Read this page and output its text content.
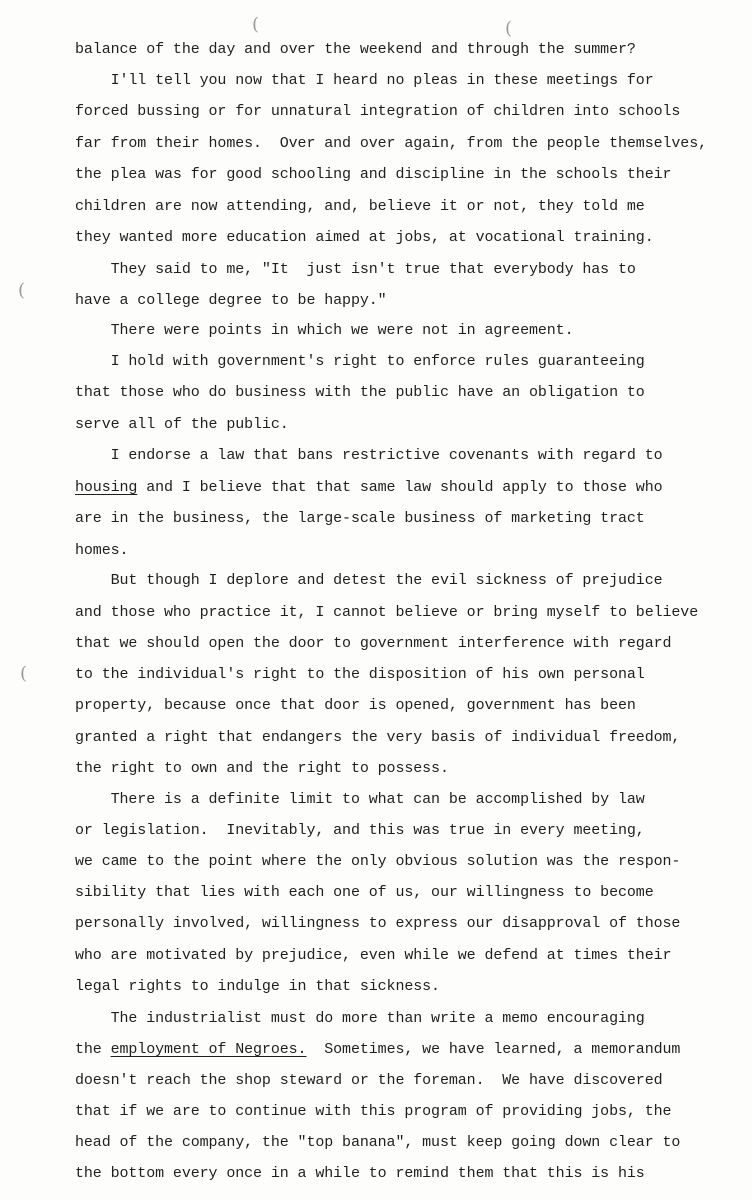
(	(
(
(
balance of the day and over the weekend and through the summer?
I'll tell you now that I heard no pleas in these meetings for
forced bussing or for unnatural integration of children into schools
far from their homes.  Over and over again, from the people themselves,
the plea was for good schooling and discipline in the schools their
children are now attending, and, believe it or not, they told me
they wanted more education aimed at jobs, at vocational training.
They said to me, "It  just isn't true that everybody has to
have a college degree to be happy."
There were points in which we were not in agreement.
I hold with government's right to enforce rules guaranteeing
that those who do business with the public have an obligation to
serve all of the public.
I endorse a law that bans restrictive covenants with regard to
housing and I believe that that same law should apply to those who
are in the business, the large-scale business of marketing tract
homes.
But though I deplore and detest the evil sickness of prejudice
and those who practice it, I cannot believe or bring myself to believe
that we should open the door to government interference with regard
to the individual's right to the disposition of his own personal
property, because once that door is opened, government has been
granted a right that endangers the very basis of individual freedom,
the right to own and the right to possess.
There is a definite limit to what can be accomplished by law
or legislation.  Inevitably, and this was true in every meeting,
we came to the point where the only obvious solution was the respon-
sibility that lies with each one of us, our willingness to become
personally involved, willingness to express our disapproval of those
who are motivated by prejudice, even while we defend at times their
legal rights to indulge in that sickness.
The industrialist must do more than write a memo encouraging
the employment of Negroes.  Sometimes, we have learned, a memorandum
doesn't reach the shop steward or the foreman.  We have discovered
that if we are to continue with this program of providing jobs, the
head of the company, the "top banana", must keep going down clear to
the bottom every once in a while to remind them that this is his
